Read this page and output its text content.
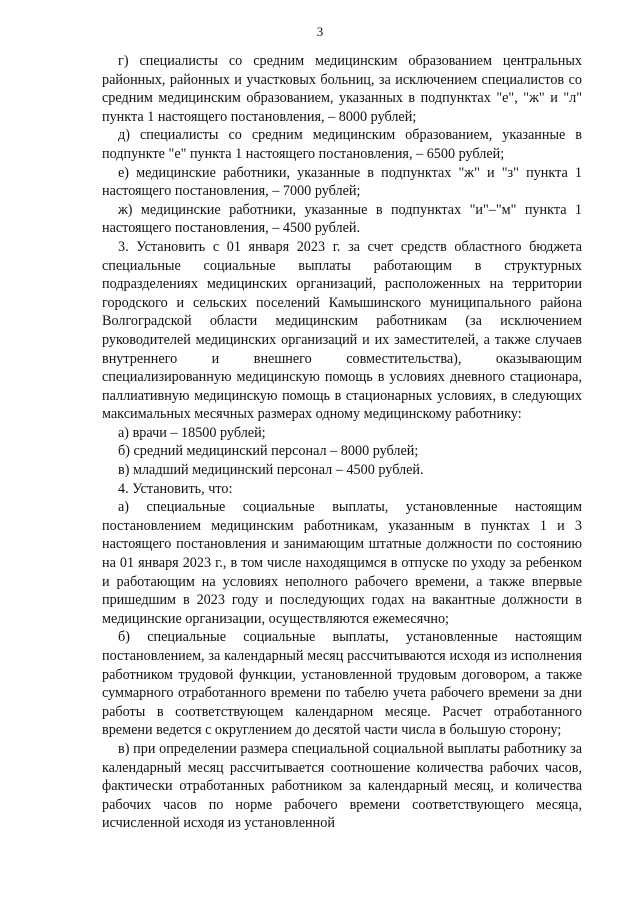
3

г) специалисты со средним медицинским образованием центральных районных, районных и участковых больниц, за исключением специалистов со средним медицинским образованием, указанных в подпунктах "е", "ж" и "л" пункта 1 настоящего постановления, – 8000 рублей;

д) специалисты со средним медицинским образованием, указанные в подпункте "е" пункта 1 настоящего постановления, – 6500 рублей;

е) медицинские работники, указанные в подпунктах "ж" и "з" пункта 1 настоящего постановления, – 7000 рублей;

ж) медицинские работники, указанные в подпунктах "и"–"м" пункта 1 настоящего постановления, – 4500 рублей.

3. Установить с 01 января 2023 г. за счет средств областного бюджета специальные социальные выплаты работающим в структурных подразделениях медицинских организаций, расположенных на территории городского и сельских поселений Камышинского муниципального района Волгоградской области медицинским работникам (за исключением руководителей медицинских организаций и их заместителей, а также случаев внутреннего и внешнего совместительства), оказывающим специализированную медицинскую помощь в условиях дневного стационара, паллиативную медицинскую помощь в стационарных условиях, в следующих максимальных месячных размерах одному медицинскому работнику:

а) врачи – 18500 рублей;

б) средний медицинский персонал – 8000 рублей;

в) младший медицинский персонал – 4500 рублей.

4. Установить, что:

а) специальные социальные выплаты, установленные настоящим постановлением медицинским работникам, указанным в пунктах 1 и 3 настоящего постановления и занимающим штатные должности по состоянию на 01 января 2023 г., в том числе находящимся в отпуске по уходу за ребенком и работающим на условиях неполного рабочего времени, а также впервые пришедшим в 2023 году и последующих годах на вакантные должности в медицинские организации, осуществляются ежемесячно;

б) специальные социальные выплаты, установленные настоящим постановлением, за календарный месяц рассчитываются исходя из исполнения работником трудовой функции, установленной трудовым договором, а также суммарного отработанного времени по табелю учета рабочего времени за дни работы в соответствующем календарном месяце. Расчет отработанного времени ведется с округлением до десятой части числа в большую сторону;

в) при определении размера специальной социальной выплаты работнику за календарный месяц рассчитывается соотношение количества рабочих часов, фактически отработанных работником за календарный месяц, и количества рабочих часов по норме рабочего времени соответствующего месяца, исчисленной исходя из установленной
